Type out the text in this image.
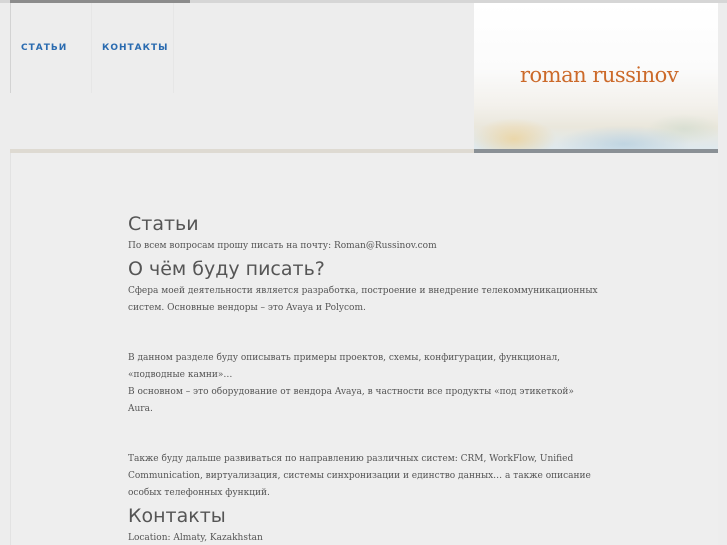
СТАТЬИ	КОНТАКТЫ
roman russinov
Статьи

По всем вопросам прошу писать на почту: Roman@Russinov.com

О чём буду писать?

Сфера моей деятельности является разработка, построение и внедрение телекоммуникационных систем. Основные вендоры – это Avaya и Polycom.

В данном разделе буду описывать примеры проектов, схемы, конфигурации, функционал, «подводные камни»…

В основном – это оборудование от вендора Avaya, в частности все продукты «под этикеткой» Aura.

Также буду дальше развиваться по направлению различных систем: CRM, WorkFlow, Unified Communication, виртуализация, системы синхронизации и единство данных… а также описание особых телефонных функций.

Контакты

Location: Almaty, Kazakhstan
